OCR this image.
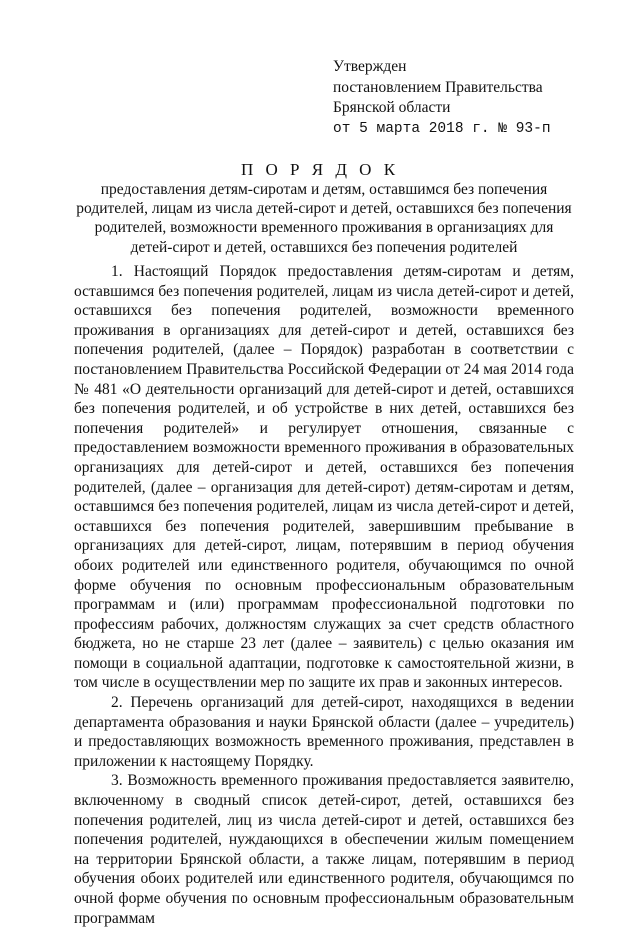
Утвержден
постановлением Правительства
Брянской области
от 5 марта 2018 г. № 93-п
П О Р Я Д О К
предоставления детям-сиротам и детям, оставшимся без попечения родителей, лицам из числа детей-сирот и детей, оставшихся без попечения родителей, возможности временного проживания в организациях для детей-сирот и детей, оставшихся без попечения родителей

1. Настоящий Порядок предоставления детям-сиротам и детям, оставшимся без попечения родителей, лицам из числа детей-сирот и детей, оставшихся без попечения родителей, возможности временного проживания в организациях для детей-сирот и детей, оставшихся без попечения родителей, (далее – Порядок) разработан в соответствии с постановлением Правительства Российской Федерации от 24 мая 2014 года № 481 «О деятельности организаций для детей-сирот и детей, оставшихся без попечения родителей, и об устройстве в них детей, оставшихся без попечения родителей» и регулирует отношения, связанные с предоставлением возможности временного проживания в образовательных организациях для детей-сирот и детей, оставшихся без попечения родителей, (далее – организация для детей-сирот) детям-сиротам и детям, оставшимся без попечения родителей, лицам из числа детей-сирот и детей, оставшихся без попечения родителей, завершившим пребывание в организациях для детей-сирот, лицам, потерявшим в период обучения обоих родителей или единственного родителя, обучающимся по очной форме обучения по основным профессиональным образовательным программам и (или) программам профессиональной подготовки по профессиям рабочих, должностям служащих за счет средств областного бюджета, но не старше 23 лет (далее – заявитель) с целью оказания им помощи в социальной адаптации, подготовке к самостоятельной жизни, в том числе в осуществлении мер по защите их прав и законных интересов.

2. Перечень организаций для детей-сирот, находящихся в ведении департамента образования и науки Брянской области (далее – учредитель) и предоставляющих возможность временного проживания, представлен в приложении к настоящему Порядку.

3. Возможность временного проживания предоставляется заявителю, включенному в сводный список детей-сирот, детей, оставшихся без попечения родителей, лиц из числа детей-сирот и детей, оставшихся без попечения родителей, нуждающихся в обеспечении жилым помещением на территории Брянской области, а также лицам, потерявшим в период обучения обоих родителей или единственного родителя, обучающимся по очной форме обучения по основным профессиональным образовательным программам
